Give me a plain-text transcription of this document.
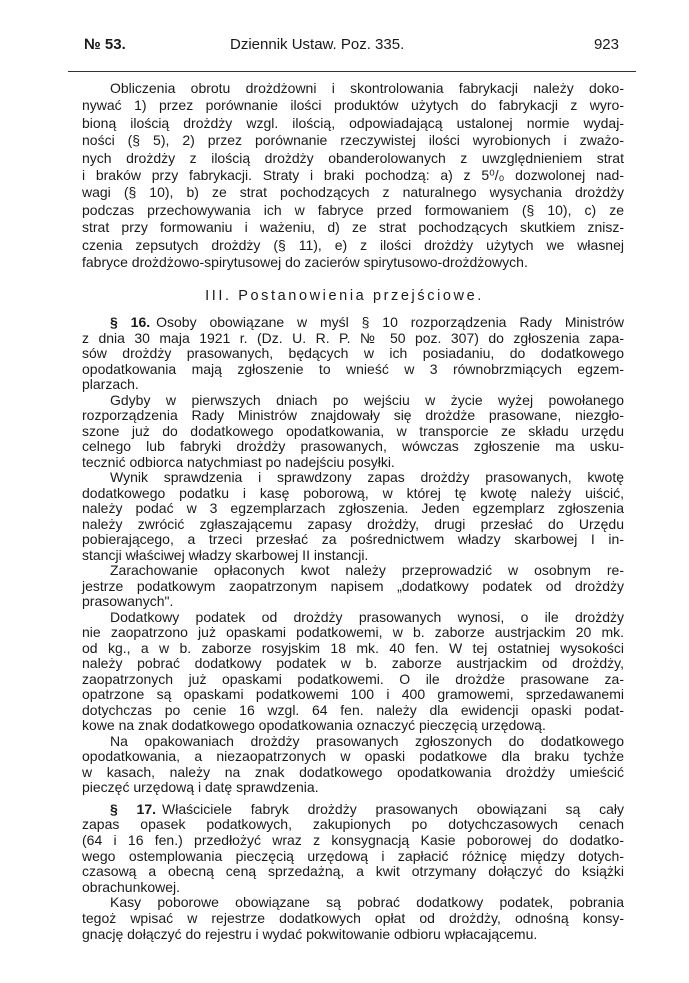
№ 53.	Dziennik Ustaw. Poz. 335.	923
Obliczenia obrotu drożdżowni i skontrolowania fabrykacji należy doko-
nywać 1) przez porównanie ilości produktów użytych do fabrykacji z wyro-
bioną ilością drożdży wzgl. ilością, odpowiadającą ustalonej normie wydaj-
ności (§ 5), 2) przez porównanie rzeczywistej ilości wyrobionych i zważo-
nych drożdży z ilością drożdży obanderolowanych z uwzględnieniem strat
i braków przy fabrykacji. Straty i braki pochodzą: a) z 5⁰/₀ dozwolonej nad-
wagi (§ 10), b) ze strat pochodzących z naturalnego wysychania drożdży
podczas przechowywania ich w fabryce przed formowaniem (§ 10), c) ze
strat przy formowaniu i ważeniu, d) ze strat pochodzących skutkiem znisz-
czenia zepsutych drożdży (§ 11), e) z ilości drożdży użytych we własnej
fabryce drożdżowo-spirytusowej do zacierów spirytusowo-drożdżowych.
III. Postanowienia przejściowe.
§ 16. Osoby obowiązane w myśl § 10 rozporządzenia Rady Ministrów
z dnia 30 maja 1921 r. (Dz. U. R. P. № 50 poz. 307) do zgłoszenia zapa-
sów drożdży prasowanych, będących w ich posiadaniu, do dodatkowego
opodatkowania mają zgłoszenie to wnieść w 3 równobrzmiących egzem-
plarzach.
Gdyby w pierwszych dniach po wejściu w życie wyżej powołanego
rozporządzenia Rady Ministrów znajdowały się drożdże prasowane, niezgło-
szone już do dodatkowego opodatkowania, w transporcie ze składu urzędu
celnego lub fabryki drożdży prasowanych, wówczas zgłoszenie ma usku-
tecznić odbiorca natychmiast po nadejściu posyłki.
Wynik sprawdzenia i sprawdzony zapas drożdży prasowanych, kwotę
dodatkowego podatku i kasę poborową, w której tę kwotę należy uiścić,
należy podać w 3 egzemplarzach zgłoszenia. Jeden egzemplarz zgłoszenia
należy zwrócić zgłaszającemu zapasy drożdży, drugi przesłać do Urzędu
pobierającego, a trzeci przesłać za pośrednictwem władzy skarbowej I in-
stancji właściwej władzy skarbowej II instancji.
Zarachowanie opłaconych kwot należy przeprowadzić w osobnym re-
jestrze podatkowym zaopatrzonym napisem „dodatkowy podatek od drożdży
prasowanych".
Dodatkowy podatek od drożdży prasowanych wynosi, o ile drożdży
nie zaopatrzono już opaskami podatkowemi, w b. zaborze austrjackim 20 mk.
od kg., a w b. zaborze rosyjskim 18 mk. 40 fen. W tej ostatniej wysokości
należy pobrać dodatkowy podatek w b. zaborze austrjackim od drożdży,
zaopatrzonych już opaskami podatkowemi. O ile drożdże prasowane za-
opatrzone są opaskami podatkowemi 100 i 400 gramowemi, sprzedawanemi
dotychczas po cenie 16 wzgl. 64 fen. należy dla ewidencji opaski podat-
kowe na znak dodatkowego opodatkowania oznaczyć pieczęcią urzędową.
Na opakowaniach drożdży prasowanych zgłoszonych do dodatkowego
opodatkowania, a niezaopatrzonych w opaski podatkowe dla braku tychże
w kasach, należy na znak dodatkowego opodatkowania drożdży umieścić
pieczęć urzędową i datę sprawdzenia.
§ 17. Właściciele fabryk drożdży prasowanych obowiązani są cały
zapas opasek podatkowych, zakupionych po dotychczasowych cenach
(64 i 16 fen.) przedłożyć wraz z konsygnacją Kasie poborowej do dodatko-
wego ostemplowania pieczęcią urzędową i zapłacić różnicę między dotych-
czasową a obecną ceną sprzedażną, a kwit otrzymany dołączyć do książki
obrachunkowej.
Kasy poborowe obowiązane są pobrać dodatkowy podatek, pobrania
tegoż wpisać w rejestrze dodatkowych opłat od drożdży, odnośną konsy-
gnację dołączyć do rejestru i wydać pokwitowanie odbioru wpłacającemu.
